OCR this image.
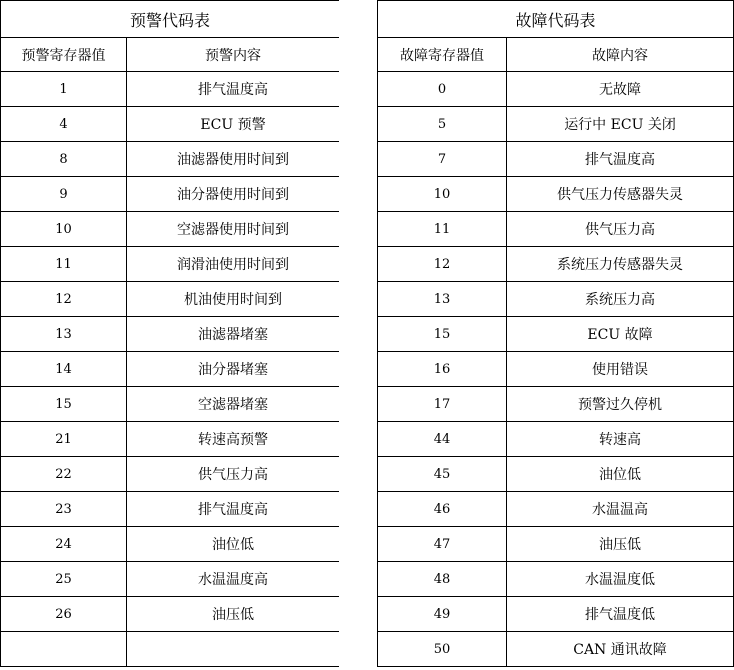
预警代码表	
预警寄存器值	预警内容
1	排气温度高
4	ECU 预警
8	油滤器使用时间到
9	油分器使用时间到
10	空滤器使用时间到
11	润滑油使用时间到
12	机油使用时间到
13	油滤器堵塞
14	油分器堵塞
15	空滤器堵塞
21	转速高预警
22	供气压力高
23	排气温度高
24	油位低
25	水温温度高
26	油压低

故障代码表	
故障寄存器值	故障内容
0	无故障
5	运行中 ECU 关闭
7	排气温度高
10	供气压力传感器失灵
11	供气压力高
12	系统压力传感器失灵
13	系统压力高
15	ECU 故障
16	使用错误
17	预警过久停机
44	转速高
45	油位低
46	水温温高
47	油压低
48	水温温度低
49	排气温度低
50	CAN 通讯故障
